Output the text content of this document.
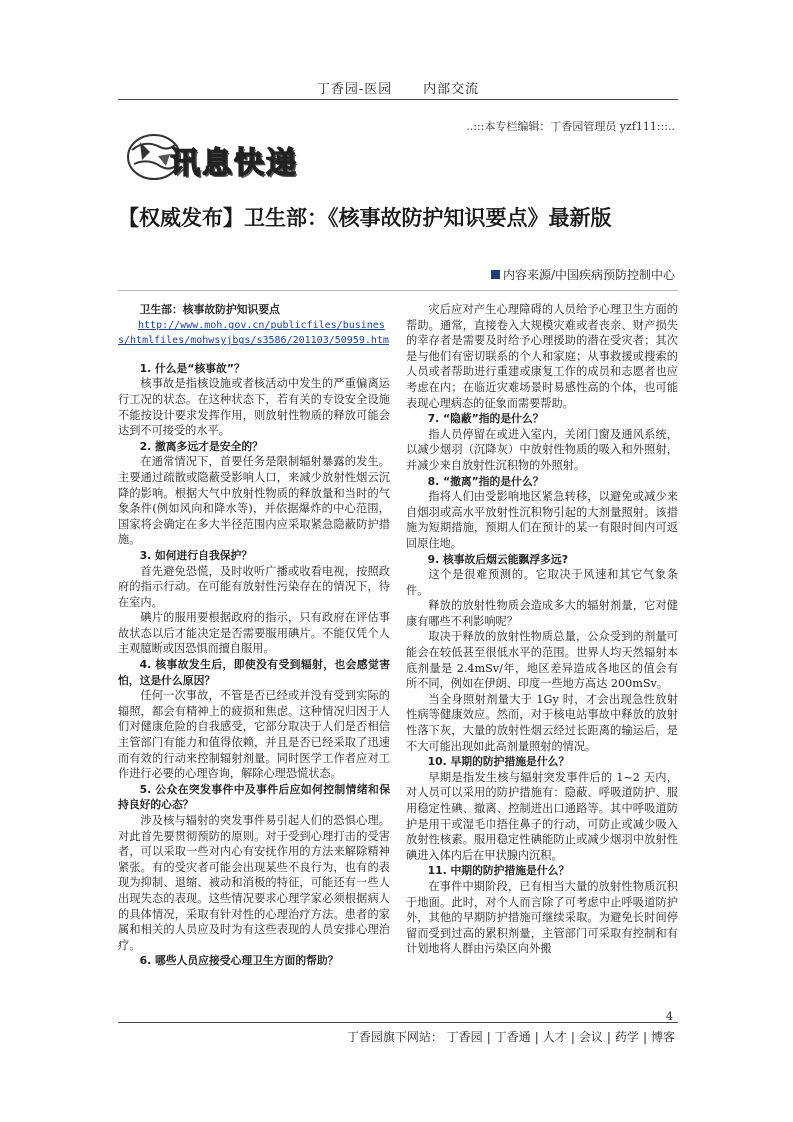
丁香园-医园      内部交流
..:::本专栏编辑：丁香园管理员 yzf111:::..
讯息快递
【权威发布】卫生部：《核事故防护知识要点》最新版
内容来源/中国疾病预防控制中心

卫生部：核事故防护知识要点

http://www.moh.gov.cn/publicfiles/business/htmlfiles/mohwsyjbgs/s3586/201103/50959.htm

1. 什么是“核事故”？

核事故是指核设施或者核活动中发生的严重偏离运行工况的状态。在这种状态下，若有关的专设安全设施不能按设计要求发挥作用，则放射性物质的释放可能会达到不可接受的水平。

2. 撤离多远才是安全的？

在通常情况下，首要任务是限制辐射暴露的发生。主要通过疏散或隐蔽受影响人口，来减少放射性烟云沉降的影响。根据大气中放射性物质的释放量和当时的气象条件(例如风向和降水等)，并依据爆炸的中心范围，国家将会确定在多大半径范围内应采取紧急隐蔽防护措施。

3. 如何进行自我保护？

首先避免恐慌，及时收听广播或收看电视，按照政府的指示行动。在可能有放射性污染存在的情况下，待在室内。

碘片的服用要根据政府的指示，只有政府在评估事故状态以后才能决定是否需要服用碘片。不能仅凭个人主观臆断或因恐惧而擅自服用。

4. 核事故发生后，即使没有受到辐射，也会感觉害怕，这是什么原因？

任何一次事故，不管是否已经或并没有受到实际的辐照，都会有精神上的疲损和焦虑。这种情况归因于人们对健康危险的自我感受，它部分取决于人们是否相信主管部门有能力和值得依赖，并且是否已经采取了迅速而有效的行动来控制辐射剂量。同时医学工作者应对工作进行必要的心理咨询，解除心理恐慌状态。

5. 公众在突发事件中及事件后应如何控制情绪和保持良好的心态？

涉及核与辐射的突发事件易引起人们的恐惧心理。对此首先要贯彻预防的原则。对于受到心理打击的受害者，可以采取一些对内心有安抚作用的方法来解除精神紧张。有的受灾者可能会出现某些不良行为，也有的表现为抑制、退缩、被动和消极的特征，可能还有一些人出现失态的表现。这些情况要求心理学家必须根据病人的具体情况，采取有针对性的心理治疗方法。患者的家属和相关的人员应及时为有这些表现的人员安排心理治疗。

6. 哪些人员应接受心理卫生方面的帮助？

灾后应对产生心理障碍的人员给予心理卫生方面的帮助。通常，直接卷入大规模灾难或者丧亲、财产损失的幸存者是需要及时给予心理援助的潜在受灾者；其次是与他们有密切联系的个人和家庭；从事救援或搜索的人员或者帮助进行重建或康复工作的成员和志愿者也应考虑在内；在临近灾难场景时易感性高的个体，也可能表现心理病态的征象而需要帮助。

7. “隐蔽”指的是什么？

指人员停留在或进入室内，关闭门窗及通风系统，以减少烟羽（沉降灰）中放射性物质的吸入和外照射，并减少来自放射性沉积物的外照射。

8. “撤离”指的是什么？

指将人们由受影响地区紧急转移，以避免或减少来自烟羽或高水平放射性沉积物引起的大剂量照射。该措施为短期措施，预期人们在预计的某一有限时间内可返回原住地。

9. 核事故后烟云能飘浮多远?

这个是很难预测的。它取决于风速和其它气象条件。

释放的放射性物质会造成多大的辐射剂量，它对健康有哪些不利影响呢？

取决于释放的放射性物质总量，公众受到的剂量可能会在较低甚至很低水平的范围。世界人均天然辐射本底剂量是 2.4mSv/年，地区差异造成各地区的值会有所不同，例如在伊朗、印度一些地方高达 200mSv。

当全身照射剂量大于 1Gy 时，才会出现急性放射性病等健康效应。然而，对于核电站事故中释放的放射性落下灰，大量的放射性烟云经过长距离的输运后，是不大可能出现如此高剂量照射的情况。

10. 早期的防护措施是什么？

早期是指发生核与辐射突发事件后的 1~2 天内，对人员可以采用的防护措施有：隐蔽、呼吸道防护、服用稳定性碘、撤离、控制进出口通路等。其中呼吸道防护是用干或湿毛巾捂住鼻子的行动，可防止或减少吸入放射性核素。服用稳定性碘能防止或减少烟羽中放射性碘进入体内后在甲状腺内沉积。

11. 中期的防护措施是什么？

在事件中期阶段，已有相当大量的放射性物质沉积于地面。此时，对个人而言除了可考虑中止呼吸道防护外，其他的早期防护措施可继续采取。为避免长时间停留而受到过高的累积剂量，主管部门可采取有控制和有计划地将人群由污染区向外搬

4
丁香园旗下网站： 丁香园 | 丁香通 | 人才 | 会议 | 药学 | 博客
